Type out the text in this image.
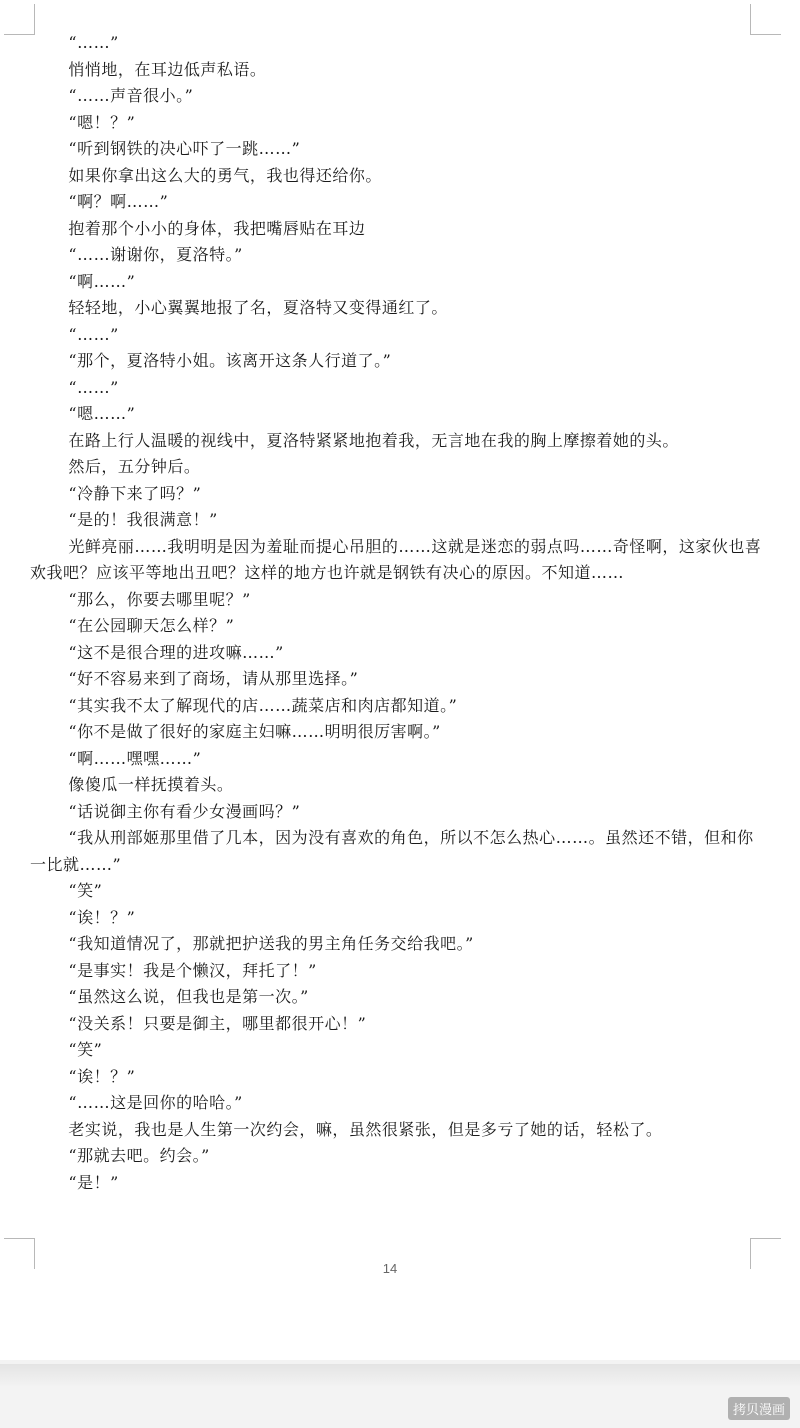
“……”

悄悄地，在耳边低声私语。

“……声音很小。”

“嗯！？”

“听到钢铁的决心吓了一跳……”

如果你拿出这么大的勇气，我也得还给你。

“啊？啊……”

抱着那个小小的身体，我把嘴唇贴在耳边

“……谢谢你，夏洛特。”

“啊……”

轻轻地，小心翼翼地报了名，夏洛特又变得通红了。

“……”

“那个，夏洛特小姐。该离开这条人行道了。”

“……”

“嗯……”

在路上行人温暖的视线中，夏洛特紧紧地抱着我，无言地在我的胸上摩擦着她的头。

然后，五分钟后。

“冷静下来了吗？”

“是的！我很满意！”

光鲜亮丽……我明明是因为羞耻而提心吊胆的……这就是迷恋的弱点吗……奇怪啊，这家伙也喜欢我吧？应该平等地出丑吧？这样的地方也许就是钢铁有决心的原因。不知道……

“那么，你要去哪里呢？”

“在公园聊天怎么样？”

“这不是很合理的进攻嘛……”

“好不容易来到了商场，请从那里选择。”

“其实我不太了解现代的店……蔬菜店和肉店都知道。”

“你不是做了很好的家庭主妇嘛……明明很厉害啊。”

“啊……嘿嘿……”

像傻瓜一样抚摸着头。

“话说御主你有看少女漫画吗？”

“我从刑部姬那里借了几本，因为没有喜欢的角色，所以不怎么热心……。虽然还不错，但和你一比就……”

“笑”

“诶！？”

“我知道情况了，那就把护送我的男主角任务交给我吧。”

“是事实！我是个懒汉，拜托了！”

“虽然这么说，但我也是第一次。”

“没关系！只要是御主，哪里都很开心！”

“笑”

“诶！？”

“……这是回你的哈哈。”

老实说，我也是人生第一次约会，嘛，虽然很紧张，但是多亏了她的话，轻松了。

“那就去吧。约会。”

“是！”

14
拷贝漫画
